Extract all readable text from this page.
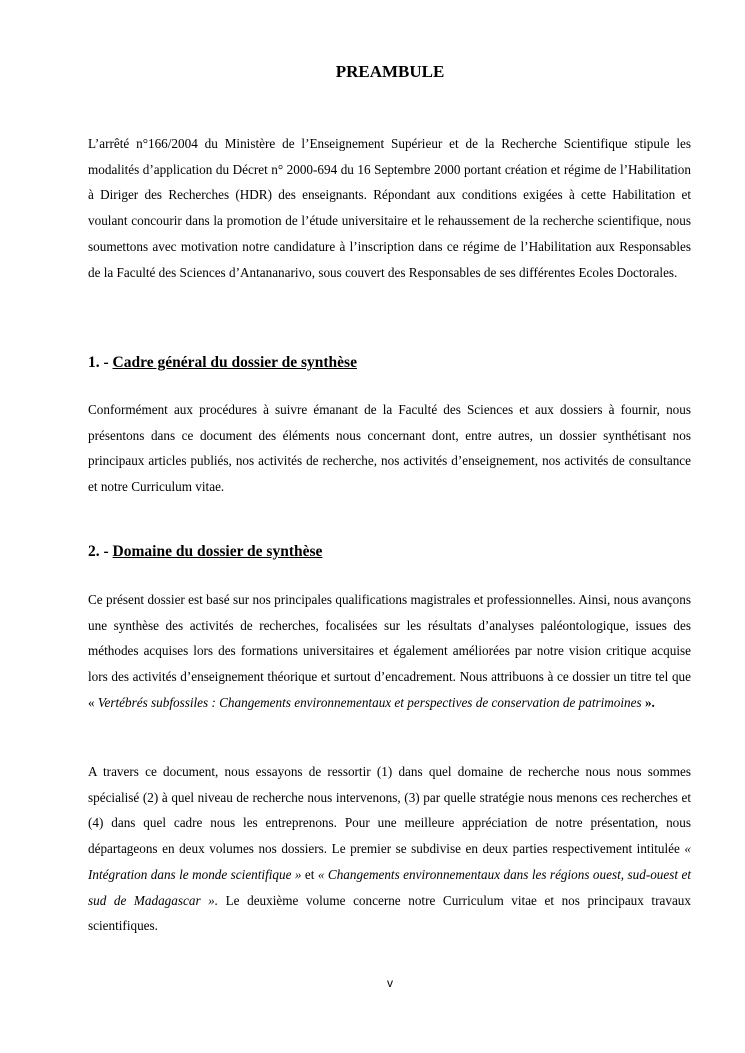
PREAMBULE

L’arrêté n°166/2004 du Ministère de l’Enseignement Supérieur et de la Recherche Scientifique stipule les modalités d’application du Décret n° 2000-694 du 16 Septembre 2000 portant création et régime de l’Habilitation à Diriger des Recherches (HDR) des enseignants. Répondant aux conditions exigées à cette Habilitation et voulant concourir dans la promotion de l’étude universitaire et le rehaussement de la recherche scientifique, nous soumettons avec motivation notre candidature à l’inscription dans ce régime de l’Habilitation aux Responsables de la Faculté des Sciences d’Antananarivo, sous couvert des Responsables de ses différentes Ecoles Doctorales.

1. - Cadre général du dossier de synthèse

Conformément aux procédures à suivre émanant de la Faculté des Sciences et aux dossiers à fournir, nous présentons dans ce document des éléments nous concernant dont, entre autres, un dossier synthétisant nos principaux articles publiés, nos activités de recherche, nos activités d’enseignement, nos activités de consultance et notre Curriculum vitae.

2. - Domaine du dossier de synthèse

Ce présent dossier est basé sur nos principales qualifications magistrales et professionnelles. Ainsi, nous avançons une synthèse des activités de recherches, focalisées sur les résultats d’analyses paléontologique, issues des méthodes acquises lors des formations universitaires et également améliorées par notre vision critique acquise lors des activités d’enseignement théorique et surtout d’encadrement. Nous attribuons à ce dossier un titre tel que « Vertébrés subfossiles : Changements environnementaux et perspectives de conservation de patrimoines ».

A travers ce document, nous essayons de ressortir (1) dans quel domaine de recherche nous nous sommes spécialisé (2) à quel niveau de recherche nous intervenons, (3) par quelle stratégie nous menons ces recherches et (4) dans quel cadre nous les entreprenons. Pour une meilleure appréciation de notre présentation, nous départageons en deux volumes nos dossiers. Le premier se subdivise en deux parties respectivement intitulée « Intégration dans le monde scientifique » et « Changements environnementaux dans les régions ouest, sud-ouest et sud de Madagascar ». Le deuxième volume concerne notre Curriculum vitae et nos principaux travaux scientifiques.

v
